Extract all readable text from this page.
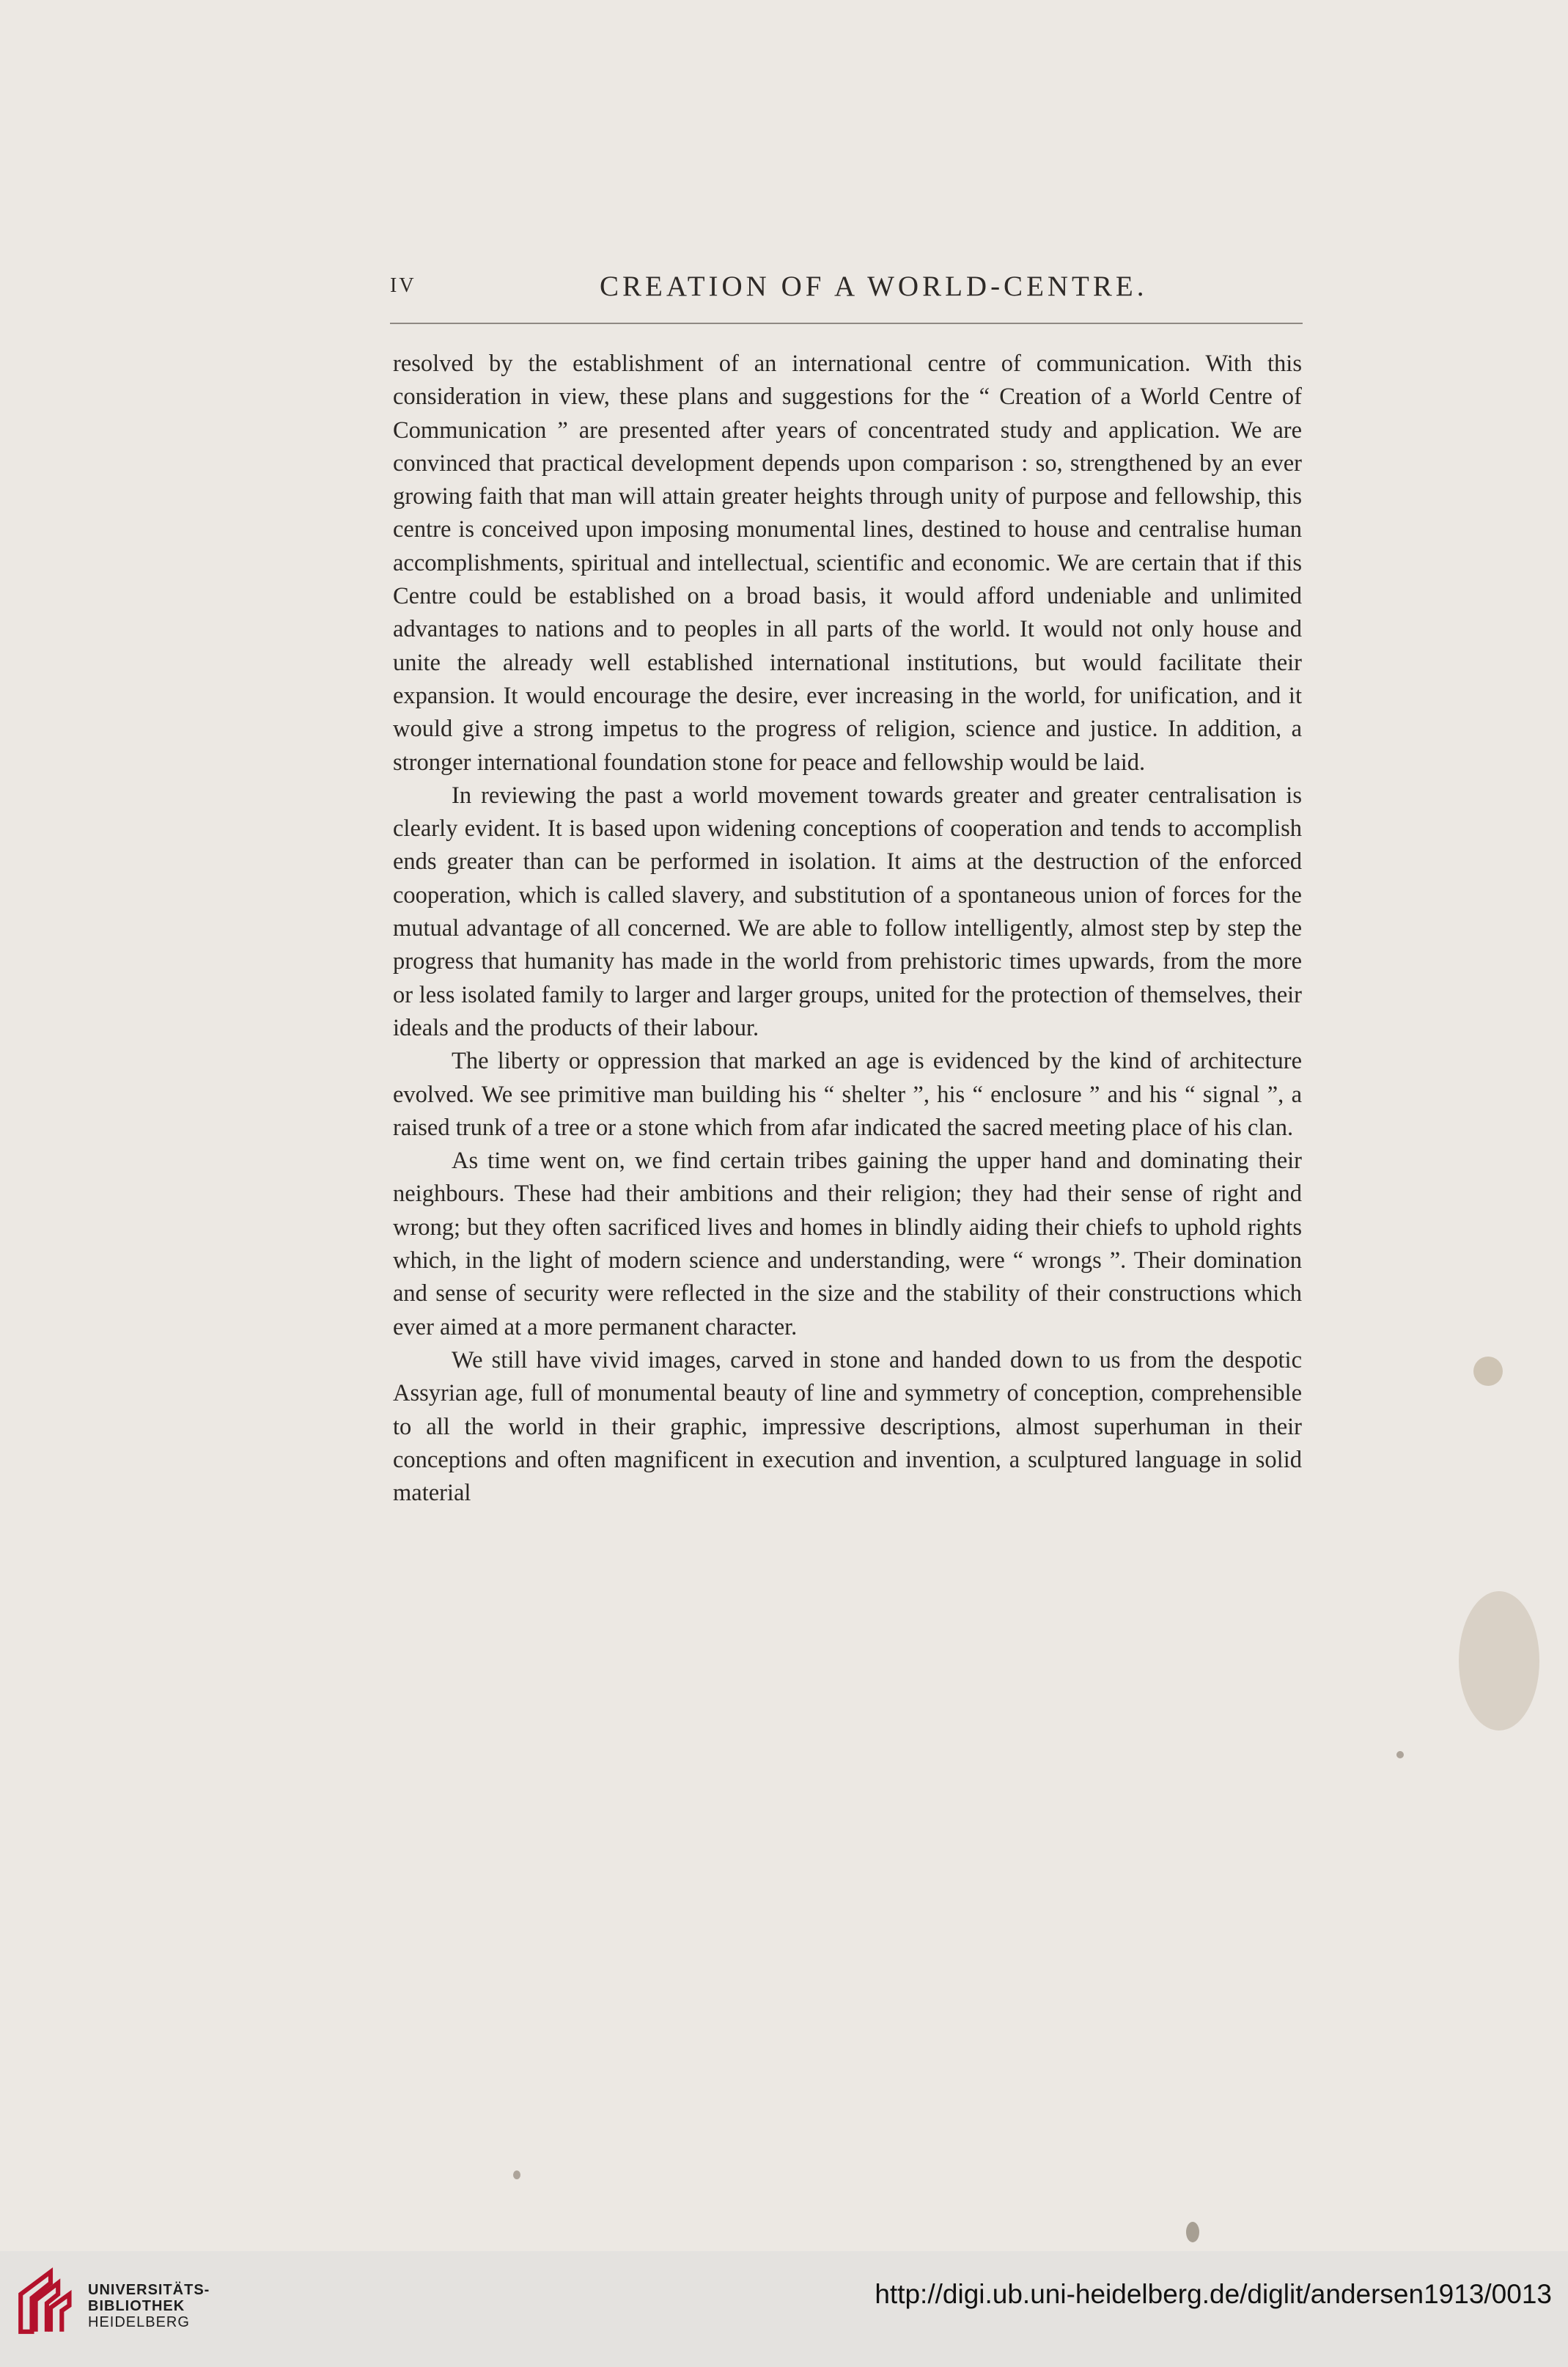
IV	CREATION OF A WORLD-CENTRE.

resolved by the establishment of an international centre of communication. With this consideration in view, these plans and suggestions for the “ Creation of a World Centre of Communication ” are presented after years of concentrated study and application. We are convinced that practical development depends upon comparison : so, strengthened by an ever growing faith that man will attain greater heights through unity of purpose and fellowship, this centre is conceived upon imposing monumental lines, destined to house and centralise human accomplishments, spiritual and intellectual, scientific and economic. We are certain that if this Centre could be established on a broad basis, it would afford undeniable and unlimited advantages to nations and to peoples in all parts of the world. It would not only house and unite the already well established international institutions, but would facilitate their expansion. It would encourage the desire, ever increasing in the world, for unification, and it would give a strong impetus to the progress of religion, science and justice. In addition, a stronger international foundation stone for peace and fellowship would be laid.

In reviewing the past a world movement towards greater and greater centralisation is clearly evident. It is based upon widening conceptions of cooperation and tends to accomplish ends greater than can be performed in isolation. It aims at the destruction of the enforced cooperation, which is called slavery, and substitution of a spontaneous union of forces for the mutual advantage of all concerned. We are able to follow intelligently, almost step by step the progress that humanity has made in the world from prehistoric times upwards, from the more or less isolated family to larger and larger groups, united for the protection of themselves, their ideals and the products of their labour.

The liberty or oppression that marked an age is evidenced by the kind of architecture evolved. We see primitive man building his “ shelter ”, his “ enclosure ” and his “ signal ”, a raised trunk of a tree or a stone which from afar indicated the sacred meeting place of his clan.

As time went on, we find certain tribes gaining the upper hand and dominating their neighbours. These had their ambitions and their religion; they had their sense of right and wrong; but they often sacrificed lives and homes in blindly aiding their chiefs to uphold rights which, in the light of modern science and understanding, were “ wrongs ”. Their domination and sense of security were reflected in the size and the stability of their constructions which ever aimed at a more permanent character.

We still have vivid images, carved in stone and handed down to us from the despotic Assyrian age, full of monumental beauty of line and symmetry of conception, comprehensible to all the world in their graphic, impressive descriptions, almost superhuman in their conceptions and often magnificent in execution and invention, a sculptured language in solid material

UNIVERSITÄTS-
BIBLIOTHEK
HEIDELBERG
http://digi.ub.uni-heidelberg.de/diglit/andersen1913/0013
